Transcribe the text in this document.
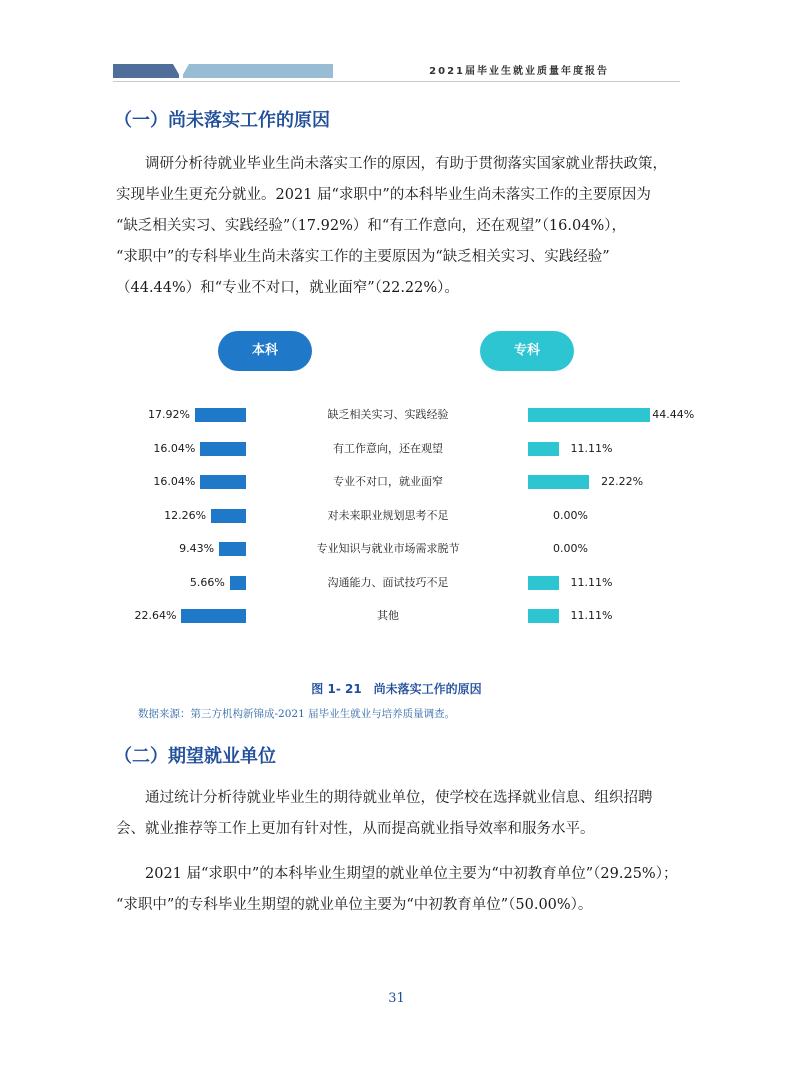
2021届毕业生就业质量年度报告
（一）尚未落实工作的原因

调研分析待就业毕业生尚未落实工作的原因，有助于贯彻落实国家就业帮扶政策，
实现毕业生更充分就业。2021 届“求职中”的本科毕业生尚未落实工作的主要原因为
“缺乏相关实习、实践经验”（17.92%）和“有工作意向，还在观望”（16.04%），
“求职中”的专科毕业生尚未落实工作的主要原因为“缺乏相关实习、实践经验”
（44.44%）和“专业不对口，就业面窄”（22.22%）。

本科	专科
17.92%	缺乏相关实习、实践经验	44.44%
16.04%	有工作意向，还在观望	11.11%
16.04%	专业不对口，就业面窄	22.22%
12.26%	对未来职业规划思考不足	0.00%
9.43%	专业知识与就业市场需求脱节	0.00%
5.66%	沟通能力、面试技巧不足	11.11%
22.64%	其他	11.11%
图 1- 21　尚未落实工作的原因
数据来源：第三方机构新锦成-2021 届毕业生就业与培养质量调查。
（二）期望就业单位

通过统计分析待就业毕业生的期待就业单位，使学校在选择就业信息、组织招聘
会、就业推荐等工作上更加有针对性，从而提高就业指导效率和服务水平。

2021 届“求职中”的本科毕业生期望的就业单位主要为“中初教育单位”（29.25%）；
“求职中”的专科毕业生期望的就业单位主要为“中初教育单位”（50.00%）。

31
